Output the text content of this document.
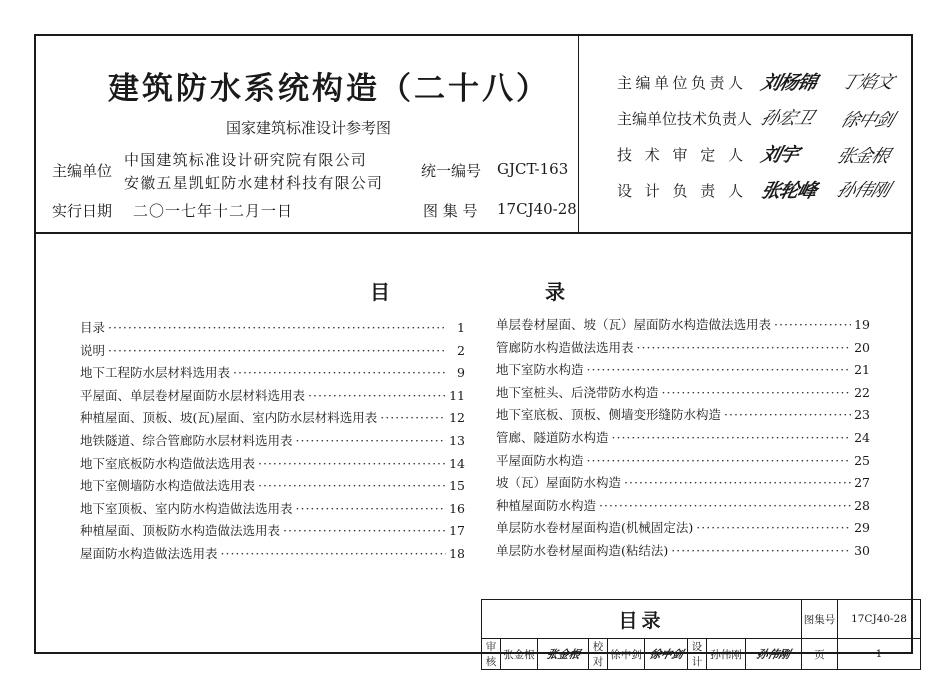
建筑防水系统构造（二十八）
国家建筑标准设计参考图
主编单位
中国建筑标准设计研究院有限公司
安徽五星凯虹防水建材科技有限公司
统一编号 GJCT-163
实行日期 二〇一七年十二月一日	图 集 号 17CJ40-28
主编单位负责人 刘杨锦 丁焰文
主编单位技术负责人 孙宏卫 徐中剑
技 术 审 定 人 刘宇 张金根
设 计 负 责 人 张轮峰 孙伟刚
目	录
目录 ·····	1
说明 ·····	2
地下工程防水层材料选用表 ·····	9
平屋面、单层卷材屋面防水层材料选用表 ·····	11
种植屋面、顶板、坡(瓦)屋面、室内防水层材料选用表 ·····	12
地铁隧道、综合管廊防水层材料选用表 ·····	13
地下室底板防水构造做法选用表 ·····	14
地下室侧墙防水构造做法选用表 ·····	15
地下室顶板、室内防水构造做法选用表 ·····	16
种植屋面、顶板防水构造做法选用表 ·····	17
屋面防水构造做法选用表 ·····	18
单层卷材屋面、坡（瓦）屋面防水构造做法选用表 ·····	19
管廊防水构造做法选用表 ·····	20
地下室防水构造 ·····	21
地下室桩头、后浇带防水构造 ·····	22
地下室底板、顶板、侧墙变形缝防水构造 ·····	23
管廊、隧道防水构造 ·····	24
平屋面防水构造 ·····	25
坡（瓦）屋面防水构造 ·····	27
种植屋面防水构造 ·····	28
单层防水卷材屋面构造(机械固定法) ·····	29
单层防水卷材屋面构造(粘结法) ·····	30
目录									图集号	17CJ40-28
审核	张金根	张金根	校对	徐中剑	徐中剑	设计	孙伟刚	孙伟刚	页	1
